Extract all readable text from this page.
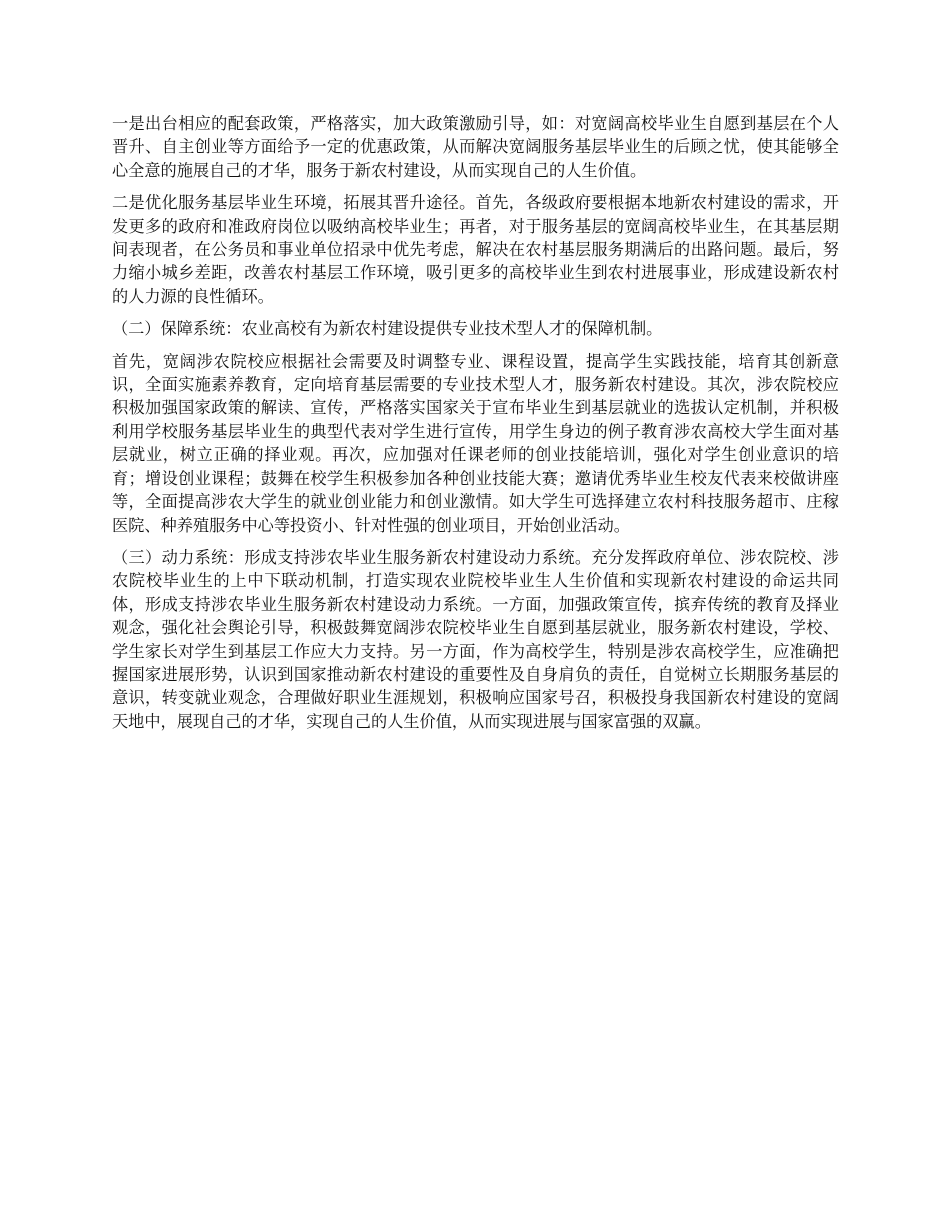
一是出台相应的配套政策，严格落实，加大政策激励引导，如：对宽阔高校毕业生自愿到基层在个人晋升、自主创业等方面给予一定的优惠政策，从而解决宽阔服务基层毕业生的后顾之忧，使其能够全心全意的施展自己的才华，服务于新农村建设，从而实现自己的人生价值。

二是优化服务基层毕业生环境，拓展其晋升途径。首先，各级政府要根据本地新农村建设的需求，开发更多的政府和准政府岗位以吸纳高校毕业生；再者，对于服务基层的宽阔高校毕业生，在其基层期间表现者，在公务员和事业单位招录中优先考虑，解决在农村基层服务期满后的出路问题。最后，努力缩小城乡差距，改善农村基层工作环境，吸引更多的高校毕业生到农村进展事业，形成建设新农村的人力源的良性循环。

（二）保障系统：农业高校有为新农村建设提供专业技术型人才的保障机制。

首先，宽阔涉农院校应根据社会需要及时调整专业、课程设置，提高学生实践技能，培育其创新意识，全面实施素养教育，定向培育基层需要的专业技术型人才，服务新农村建设。其次，涉农院校应积极加强国家政策的解读、宣传，严格落实国家关于宣布毕业生到基层就业的选拔认定机制，并积极利用学校服务基层毕业生的典型代表对学生进行宣传，用学生身边的例子教育涉农高校大学生面对基层就业，树立正确的择业观。再次，应加强对任课老师的创业技能培训，强化对学生创业意识的培育；增设创业课程；鼓舞在校学生积极参加各种创业技能大赛；邀请优秀毕业生校友代表来校做讲座等，全面提高涉农大学生的就业创业能力和创业激情。如大学生可选择建立农村科技服务超市、庄稼医院、种养殖服务中心等投资小、针对性强的创业项目，开始创业活动。

（三）动力系统：形成支持涉农毕业生服务新农村建设动力系统。充分发挥政府单位、涉农院校、涉农院校毕业生的上中下联动机制，打造实现农业院校毕业生人生价值和实现新农村建设的命运共同体，形成支持涉农毕业生服务新农村建设动力系统。一方面，加强政策宣传，摈弃传统的教育及择业观念，强化社会舆论引导，积极鼓舞宽阔涉农院校毕业生自愿到基层就业，服务新农村建设，学校、学生家长对学生到基层工作应大力支持。另一方面，作为高校学生，特别是涉农高校学生，应准确把握国家进展形势，认识到国家推动新农村建设的重要性及自身肩负的责任，自觉树立长期服务基层的意识，转变就业观念，合理做好职业生涯规划，积极响应国家号召，积极投身我国新农村建设的宽阔天地中，展现自己的才华，实现自己的人生价值，从而实现进展与国家富强的双赢。
